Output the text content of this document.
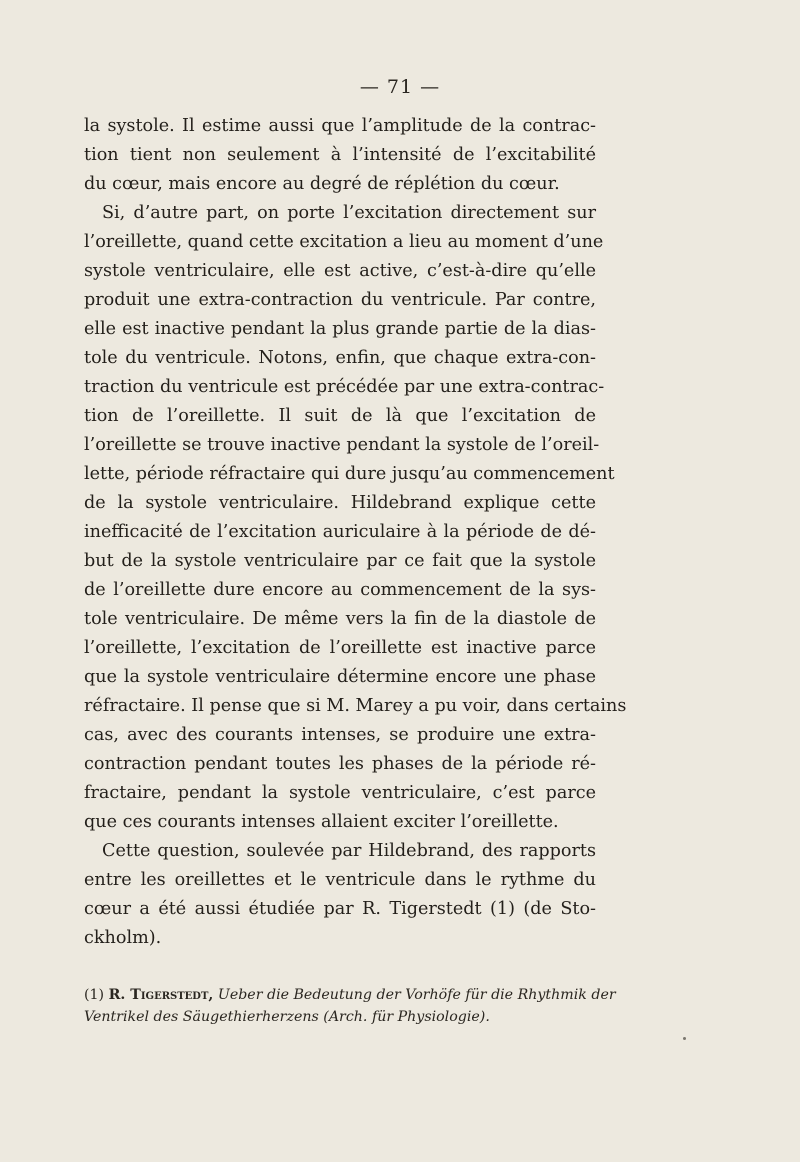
— 71 —
la systole. Il estime aussi que l’amplitude de la contrac-
tion tient non seulement à l’intensité de l’excitabilité
du cœur, mais encore au degré de réplétion du cœur.
Si, d’autre part, on porte l’excitation directement sur
l’oreillette, quand cette excitation a lieu au moment d’une
systole ventriculaire, elle est active, c’est-à-dire qu’elle
produit une extra-contraction du ventricule. Par contre,
elle est inactive pendant la plus grande partie de la dias-
tole du ventricule. Notons, enfin, que chaque extra-con-
traction du ventricule est précédée par une extra-contrac-
tion de l’oreillette. Il suit de là que l’excitation de
l’oreillette se trouve inactive pendant la systole de l’oreil-
lette, période réfractaire qui dure jusqu’au commencement
de la systole ventriculaire. Hildebrand explique cette
inefficacité de l’excitation auriculaire à la période de dé-
but de la systole ventriculaire par ce fait que la systole
de l’oreillette dure encore au commencement de la sys-
tole ventriculaire. De même vers la fin de la diastole de
l’oreillette, l’excitation de l’oreillette est inactive parce
que la systole ventriculaire détermine encore une phase
réfractaire. Il pense que si M. Marey a pu voir, dans certains
cas, avec des courants intenses, se produire une extra-
contraction pendant toutes les phases de la période ré-
fractaire, pendant la systole ventriculaire, c’est parce
que ces courants intenses allaient exciter l’oreillette.
Cette question, soulevée par Hildebrand, des rapports
entre les oreillettes et le ventricule dans le rythme du
cœur a été aussi étudiée par R. Tigerstedt (1) (de Sto-
ckholm).
(1) R. Tigerstedt, Ueber die Bedeutung der Vorhöfe für die Rhythmik der
Ventrikel des Säugethierherzens (Arch. für Physiologie).
